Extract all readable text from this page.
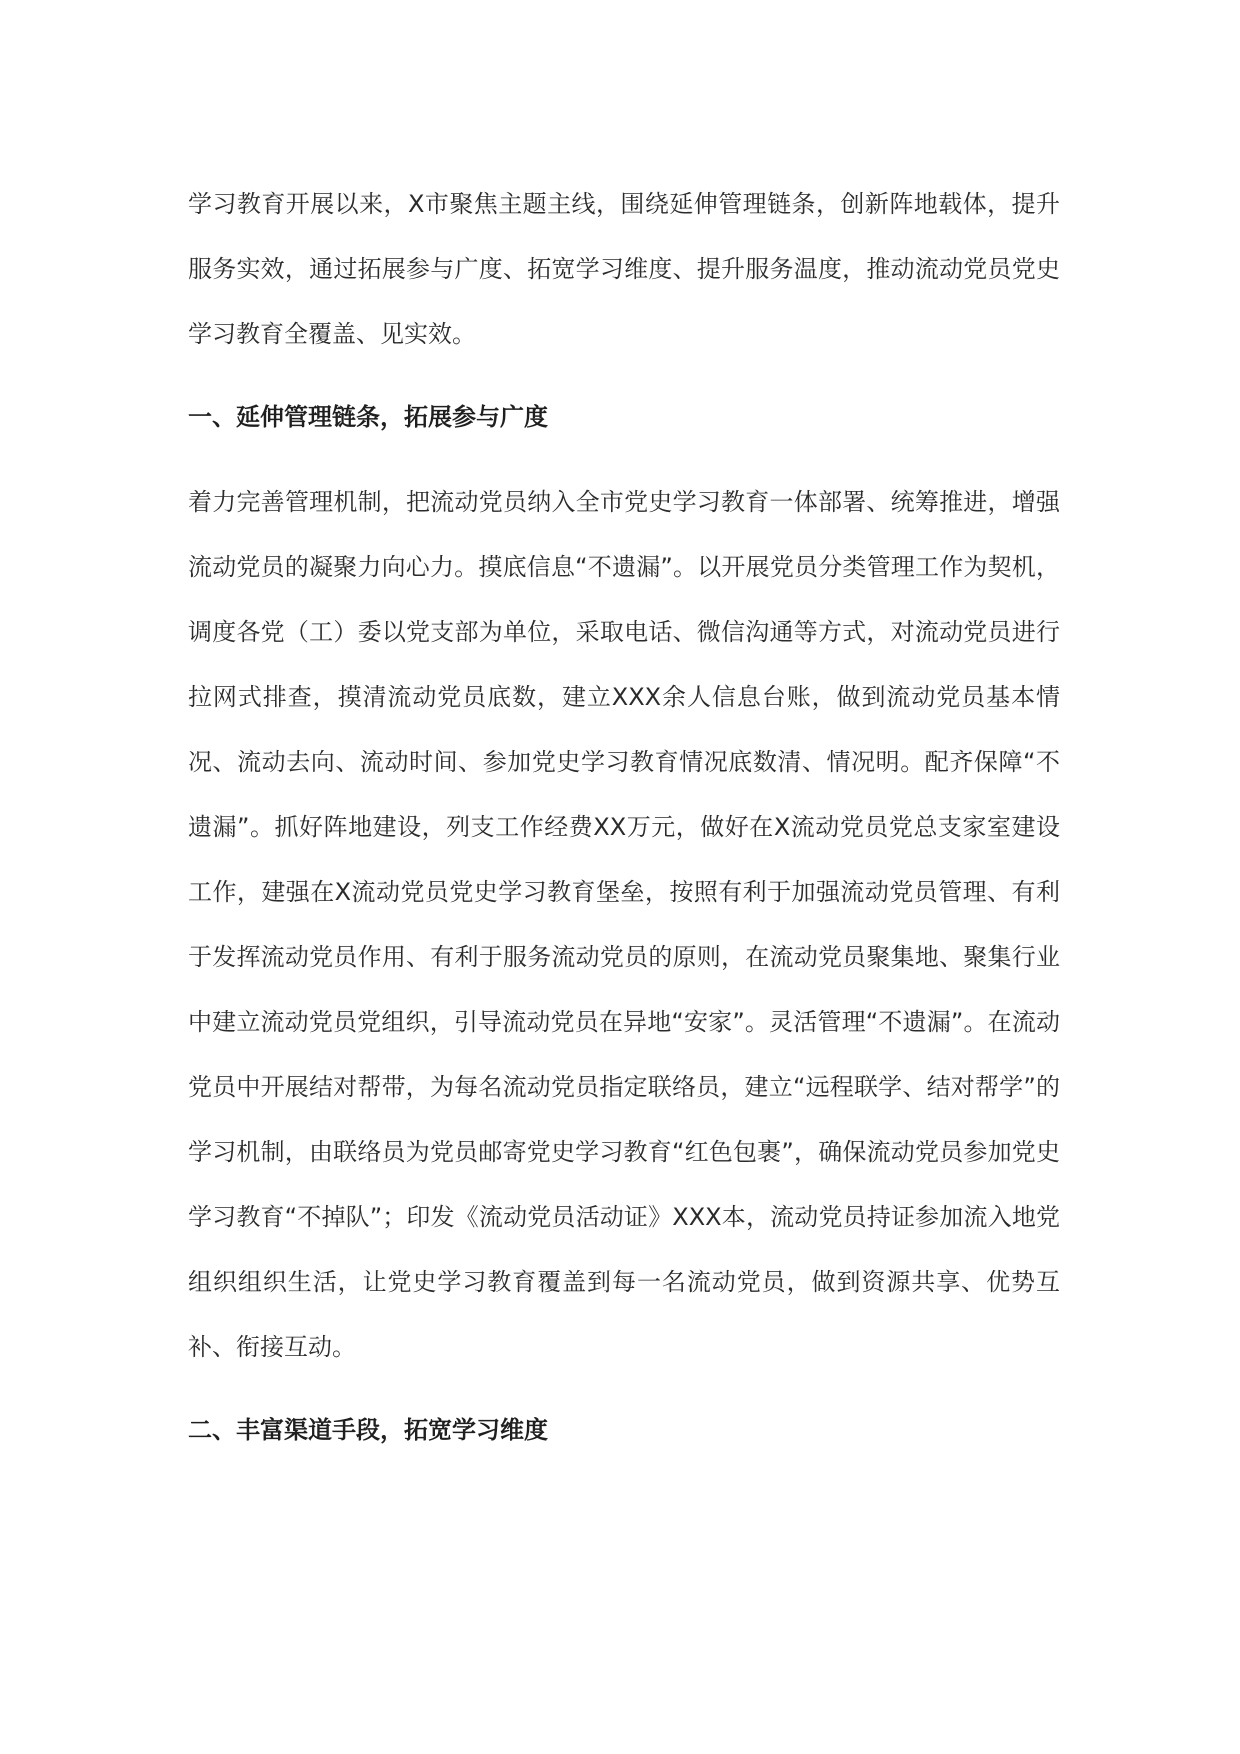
学习教育开展以来，X市聚焦主题主线，围绕延伸管理链条，创新阵地载体，提升服务实效，通过拓展参与广度、拓宽学习维度、提升服务温度，推动流动党员党史学习教育全覆盖、见实效。

一、延伸管理链条，拓展参与广度

着力完善管理机制，把流动党员纳入全市党史学习教育一体部署、统筹推进，增强流动党员的凝聚力向心力。摸底信息“不遗漏”。以开展党员分类管理工作为契机，调度各党（工）委以党支部为单位，采取电话、微信沟通等方式，对流动党员进行拉网式排查，摸清流动党员底数，建立XXX余人信息台账，做到流动党员基本情况、流动去向、流动时间、参加党史学习教育情况底数清、情况明。配齐保障“不遗漏”。抓好阵地建设，列支工作经费XX万元，做好在X流动党员党总支家室建设工作，建强在X流动党员党史学习教育堡垒，按照有利于加强流动党员管理、有利于发挥流动党员作用、有利于服务流动党员的原则，在流动党员聚集地、聚集行业中建立流动党员党组织，引导流动党员在异地“安家”。灵活管理“不遗漏”。在流动党员中开展结对帮带，为每名流动党员指定联络员，建立“远程联学、结对帮学”的学习机制，由联络员为党员邮寄党史学习教育“红色包裹”，确保流动党员参加党史学习教育“不掉队”；印发《流动党员活动证》XXX本，流动党员持证参加流入地党组织组织生活，让党史学习教育覆盖到每一名流动党员，做到资源共享、优势互补、衔接互动。

二、丰富渠道手段，拓宽学习维度
